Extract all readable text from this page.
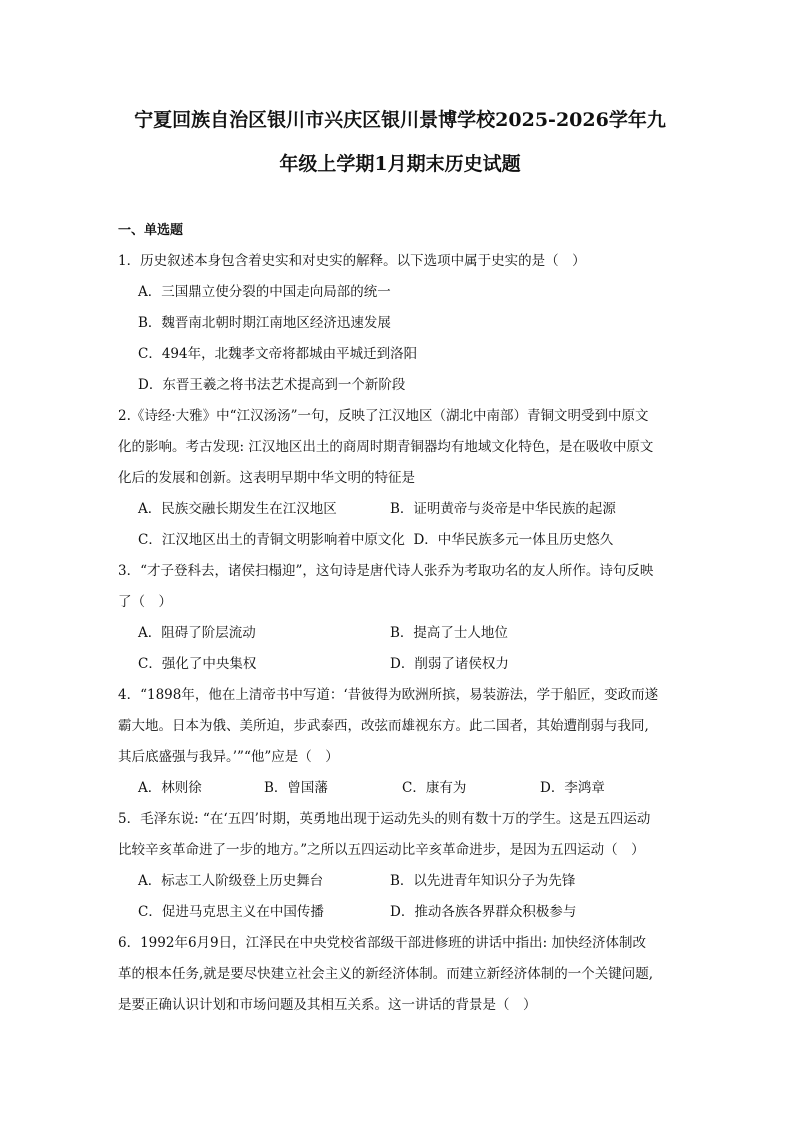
宁夏回族自治区银川市兴庆区银川景博学校2025-2026学年九
年级上学期1月期末历史试题
一、单选题
1．历史叙述本身包含着史实和对史实的解释。以下选项中属于史实的是（　）
A．三国鼎立使分裂的中国走向局部的统一
B．魏晋南北朝时期江南地区经济迅速发展
C．494年，北魏孝文帝将都城由平城迁到洛阳
D．东晋王羲之将书法艺术提高到一个新阶段
2.《诗经·大雅》中“江汉汤汤”一句，反映了江汉地区（湖北中南部）青铜文明受到中原文
化的影响。考古发现: 江汉地区出土的商周时期青铜器均有地域文化特色，是在吸收中原文
化后的发展和创新。这表明早期中华文明的特征是
A．民族交融长期发生在江汉地区	B．证明黄帝与炎帝是中华民族的起源
C．江汉地区出土的青铜文明影响着中原文化 D．中华民族多元一体且历史悠久
3．“才子登科去，诸侯扫榻迎”，这句诗是唐代诗人张乔为考取功名的友人所作。诗句反映
了（　）
A．阻碍了阶层流动	B．提高了士人地位
C．强化了中央集权	D．削弱了诸侯权力
4．“1898年，他在上清帝书中写道：‘昔彼得为欧洲所摈，易装游法，学于船匠，变政而遂
霸大地。日本为俄、美所迫，步武泰西，改弦而雄视东方。此二国者，其始遭削弱与我同,
其后底盛强与我异。’”“他”应是（　）
A．林则徐	B．曾国藩	C．康有为	D．李鸿章
5．毛泽东说: “在‘五四’时期，英勇地出现于运动先头的则有数十万的学生。这是五四运动
比较辛亥革命进了一步的地方。”之所以五四运动比辛亥革命进步，是因为五四运动（　）
A．标志工人阶级登上历史舞台	B．以先进青年知识分子为先锋
C．促进马克思主义在中国传播	D．推动各族各界群众积极参与
6．1992年6月9日，江泽民在中央党校省部级干部进修班的讲话中指出: 加快经济体制改
革的根本任务,就是要尽快建立社会主义的新经济体制。而建立新经济体制的一个关键问题,
是要正确认识计划和市场问题及其相互关系。这一讲话的背景是（　）
